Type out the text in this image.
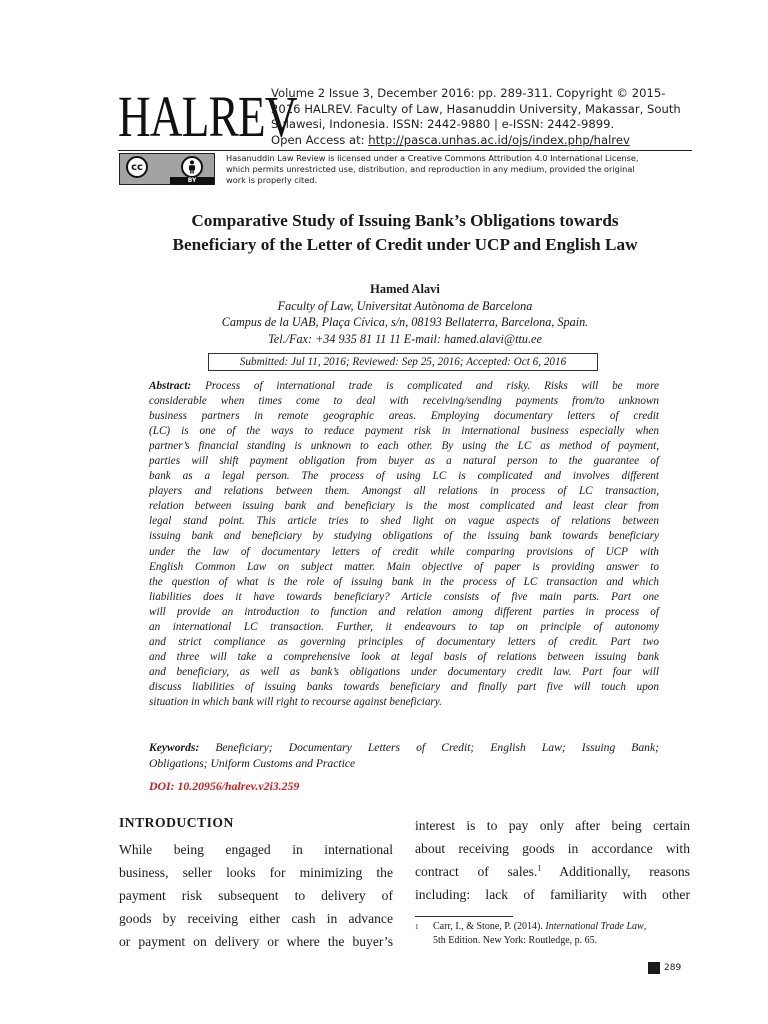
HALREV
Volume 2 Issue 3, December 2016: pp. 289-311. Copyright © 2015-
2016 HALREV. Faculty of Law, Hasanuddin University, Makassar, South
Sulawesi, Indonesia. ISSN: 2442-9880 | e-ISSN: 2442-9899.
Open Access at: http://pasca.unhas.ac.id/ojs/index.php/halrev
cc
BY
Hasanuddin Law Review is licensed under a Creative Commons Attribution 4.0 International License,
which permits unrestricted use, distribution, and reproduction in any medium, provided the original
work is properly cited.
Comparative Study of Issuing Bank’s Obligations towards
Beneficiary of the Letter of Credit under UCP and English Law
Hamed Alavi
Faculty of Law, Universitat Autònoma de Barcelona
Campus de la UAB, Plaça Cívica, s/n, 08193 Bellaterra, Barcelona, Spain.
Tel./Fax: +34 935 81 11 11 E-mail: hamed.alavi@ttu.ee
Submitted: Jul 11, 2016; Reviewed: Sep 25, 2016; Accepted: Oct 6, 2016
Abstract: Process of international trade is complicated and risky. Risks will be more
considerable when times come to deal with receiving/sending payments from/to unknown
business partners in remote geographic areas. Employing documentary letters of credit
(LC) is one of the ways to reduce payment risk in international business especially when
partner’s financial standing is unknown to each other. By using the LC as method of payment,
parties will shift payment obligation from buyer as a natural person to the guarantee of
bank as a legal person. The process of using LC is complicated and involves different
players and relations between them. Amongst all relations in process of LC transaction,
relation between issuing bank and beneficiary is the most complicated and least clear from
legal stand point. This article tries to shed light on vague aspects of relations between
issuing bank and beneficiary by studying obligations of the issuing bank towards beneficiary
under the law of documentary letters of credit while comparing provisions of UCP with
English Common Law on subject matter. Main objective of paper is providing answer to
the question of what is the role of issuing bank in the process of LC transaction and which
liabilities does it have towards beneficiary? Article consists of five main parts. Part one
will provide an introduction to function and relation among different parties in process of
an international LC transaction. Further, it endeavours to tap on principle of autonomy
and strict compliance as governing principles of documentary letters of credit. Part two
and three will take a comprehensive look at legal basis of relations between issuing bank
and beneficiary, as well as bank’s obligations under documentary credit law. Part four will
discuss liabilities of issuing banks towards beneficiary and finally part five will touch upon
situation in which bank will right to recourse against beneficiary.
Keywords: Beneficiary; Documentary Letters of Credit; English Law; Issuing Bank;
Obligations; Uniform Customs and Practice
DOI: 10.20956/halrev.v2i3.259
INTRODUCTION
While being engaged in international
business, seller looks for minimizing the
payment risk subsequent to delivery of
goods by receiving either cash in advance
or payment on delivery or where the buyer’s
interest is to pay only after being certain
about receiving goods in accordance with
contract of sales.$^1$ Additionally, reasons
including: lack of familiarity with other
1 Carr, I., & Stone, P. (2014). International Trade Law,
5th Edition. New York: Routledge, p. 65.
289
